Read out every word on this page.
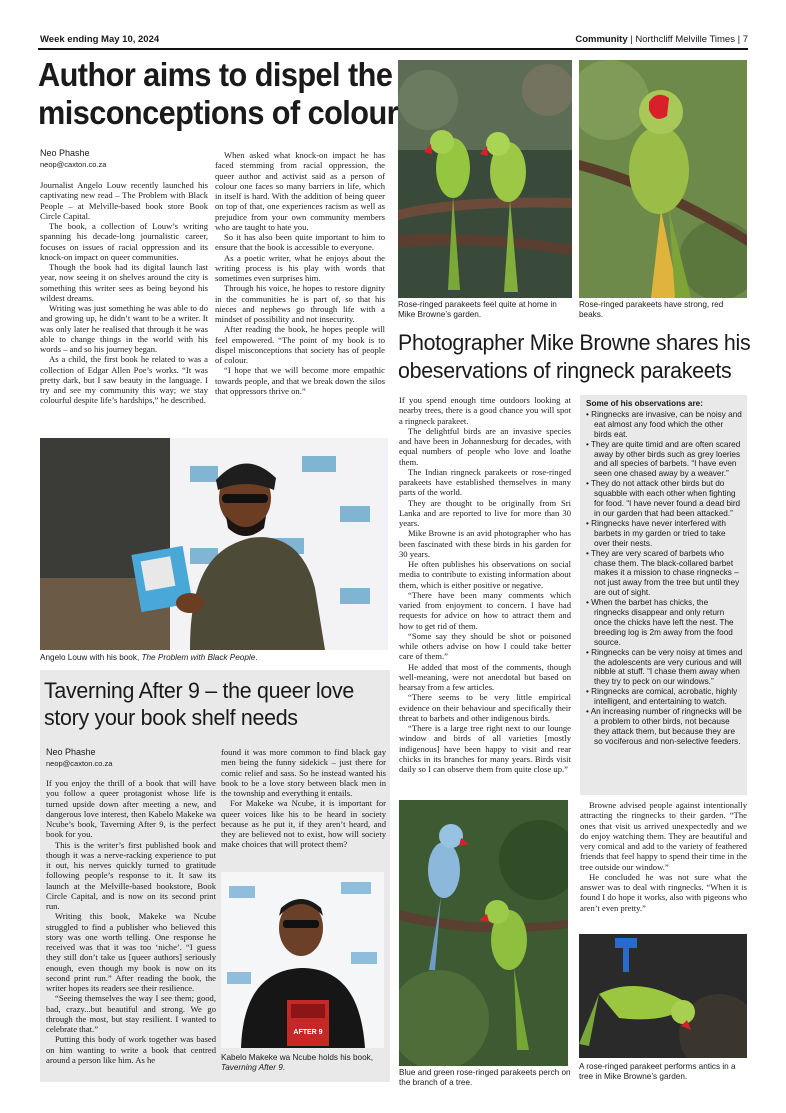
Week ending May 10, 2024	Community | Northcliff Melville Times | 7
Author aims to dispel the
misconceptions of colour
Neo Phashe
neop@caxton.co.za

Journalist Angelo Louw recently launched his captivating new read – The Problem with Black People – at Melville-based book store Book Circle Capital.

The book, a collection of Louw’s writing spanning his decade-long journalistic career, focuses on issues of racial oppression and its knock-on impact on queer communities.

Though the book had its digital launch last year, now seeing it on shelves around the city is something this writer sees as being beyond his wildest dreams.

Writing was just something he was able to do and growing up, he didn’t want to be a writer. It was only later he realised that through it he was able to change things in the world with his words – and so his journey began.

As a child, the first book he related to was a collection of Edgar Allen Poe’s works. “It was pretty dark, but I saw beauty in the language. I try and see my community this way; we stay colourful despite life’s hardships,” he described.

When asked what knock-on impact he has faced stemming from racial oppression, the queer author and activist said as a person of colour one faces so many barriers in life, which in itself is hard. With the addition of being queer on top of that, one experiences racism as well as prejudice from your own community members who are taught to hate you.

So it has also been quite important to him to ensure that the book is accessible to everyone.

As a poetic writer, what he enjoys about the writing process is his play with words that sometimes even surprises him.

Through his voice, he hopes to restore dignity in the communities he is part of, so that his nieces and nephews go through life with a mindset of possibility and not insecurity.

After reading the book, he hopes people will feel empowered. “The point of my book is to dispel misconceptions that society has of people of colour.

“I hope that we will become more empathic towards people, and that we break down the silos that oppressors thrive on.”

Angelo Louw with his book, The Problem with Black People.
Taverning After 9 – the queer love
story your book shelf needs
Neo Phashe
neop@caxton.co.za

If you enjoy the thrill of a book that will have you follow a queer protagonist whose life is turned upside down after meeting a new, and dangerous love interest, then Kabelo Makeke wa Ncube’s book, Taverning After 9, is the perfect book for you.

This is the writer’s first published book and though it was a nerve-racking experience to put it out, his nerves quickly turned to gratitude following people’s response to it. It saw its launch at the Melville-based bookstore, Book Circle Capital, and is now on its second print run.

Writing this book, Makeke wa Ncube struggled to find a publisher who believed this story was one worth telling. One response he received was that it was too ‘niche’. “I guess they still don’t take us [queer authors] seriously enough, even though my book is now on its second print run.” After reading the book, the writer hopes its readers see their resilience.

“Seeing themselves the way I see them; good, bad, crazy...but beautiful and strong. We go through the most, but stay resilient. I wanted to celebrate that.”

Putting this body of work together was based on him wanting to write a book that centred around a person like him. As he

found it was more common to find black gay men being the funny sidekick – just there for comic relief and sass. So he instead wanted his book to be a love story between black men in the township and everything it entails.

For Makeke wa Ncube, it is important for queer voices like his to be heard in society because as he put it, if they aren’t heard, and they are believed not to exist, how will society make choices that will protect them?

AFTER 9
Kabelo Makeke wa Ncube holds his book, Taverning After 9.
Rose-ringed parakeets feel quite at home in Mike Browne’s garden.
Rose-ringed parakeets have strong, red beaks.
Photographer Mike Browne shares his
obeservations of ringneck parakeets

If you spend enough time outdoors looking at nearby trees, there is a good chance you will spot a ringneck parakeet.

The delightful birds are an invasive species and have been in Johannesburg for decades, with equal numbers of people who love and loathe them.

The Indian ringneck parakeets or rose-ringed parakeets have established themselves in many parts of the world.

They are thought to be originally from Sri Lanka and are reported to live for more than 30 years.

Mike Browne is an avid photographer who has been fascinated with these birds in his garden for 30 years.

He often publishes his observations on social media to contribute to existing information about them, which is either positive or negative.

“There have been many comments which varied from enjoyment to concern. I have had requests for advice on how to attract them and how to get rid of them.

“Some say they should be shot or poisoned while others advise on how I could take better care of them.”

He added that most of the comments, though well-meaning, were not anecdotal but based on hearsay from a few articles.

“There seems to be very little empirical evidence on their behaviour and specifically their threat to barbets and other indigenous birds.

“There is a large tree right next to our lounge window and birds of all varieties [mostly indigenous] have been happy to visit and rear chicks in its branches for many years. Birds visit daily so I can observe them from quite close up.”

Some of his observations are:
• Ringnecks are invasive, can be noisy and eat almost any food which the other birds eat.
• They are quite timid and are often scared away by other birds such as grey loeries and all species of barbets. “I have even seen one chased away by a weaver.”
• They do not attack other birds but do squabble with each other when fighting for food. “I have never found a dead bird in our garden that had been attacked.”
• Ringnecks have never interfered with barbets in my garden or tried to take over their nests.
• They are very scared of barbets who chase them. The black-collared barbet makes it a mission to chase ringnecks – not just away from the tree but until they are out of sight.
• When the barbet has chicks, the ringnecks disappear and only return once the chicks have left the nest. The breeding log is 2m away from the food source.
• Ringnecks can be very noisy at times and the adolescents are very curious and will nibble at stuff. “I chase them away when they try to peck on our windows.”
• Ringnecks are comical, acrobatic, highly intelligent, and entertaining to watch.
• An increasing number of ringnecks will be a problem to other birds, not because they attack them, but because they are so vociferous and non-selective feeders.
Blue and green rose-ringed parakeets perch on the branch of a tree.

Browne advised people against intentionally attracting the ringnecks to their garden. “The ones that visit us arrived unexpectedly and we do enjoy watching them. They are beautiful and very comical and add to the variety of feathered friends that feel happy to spend their time in the tree outside our window.”

He concluded he was not sure what the answer was to deal with ringnecks. “When it is found I do hope it works, also with pigeons who aren’t even pretty.”

A rose-ringed parakeet performs antics in a tree in Mike Browne’s garden.
